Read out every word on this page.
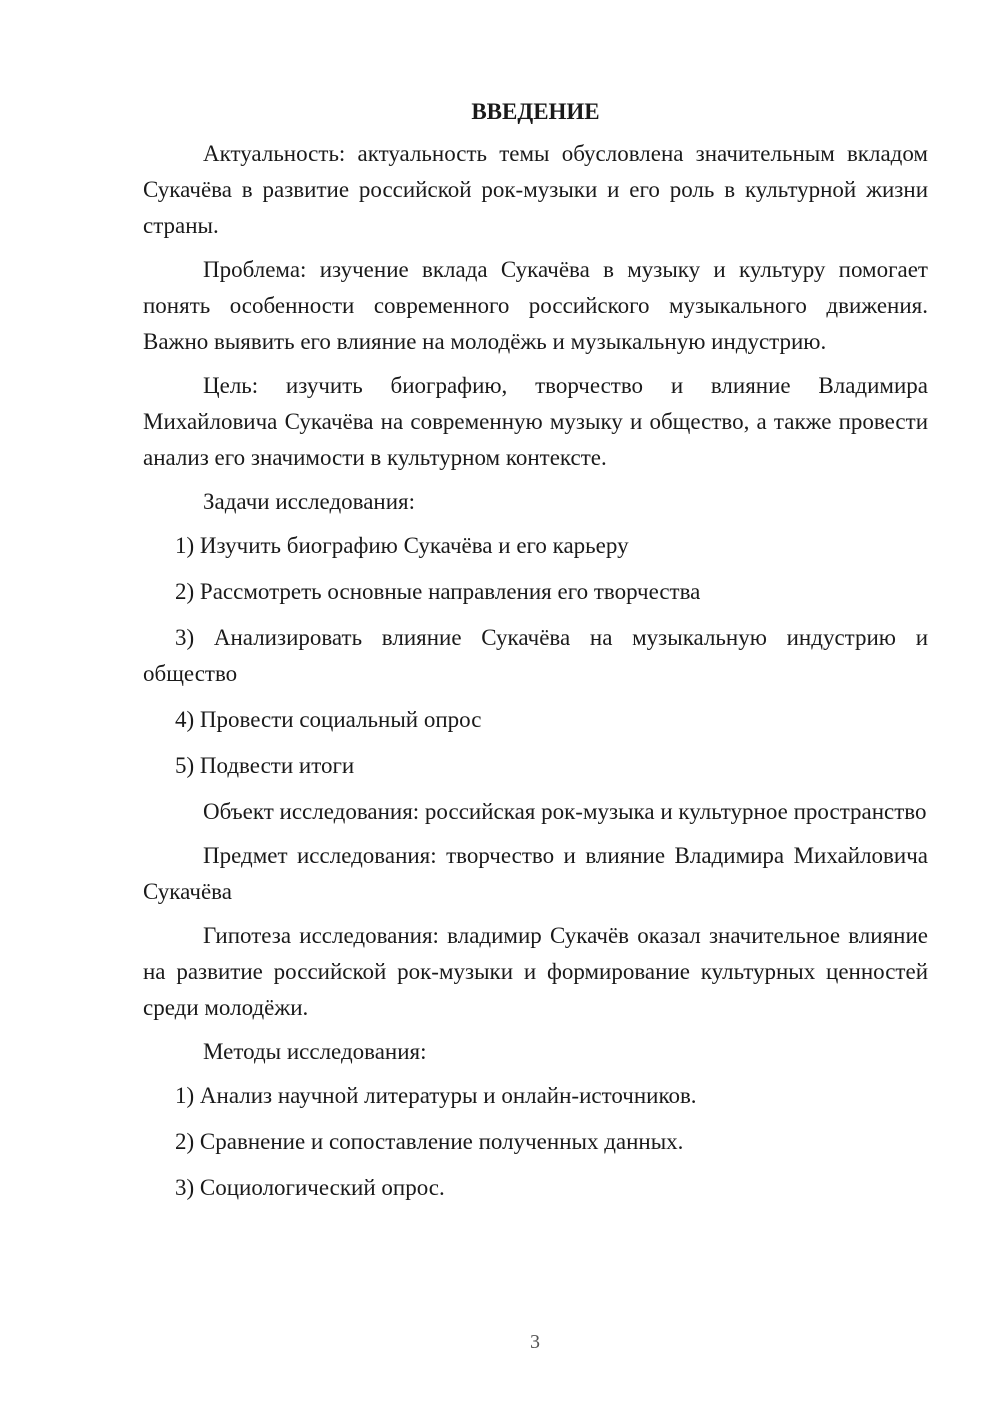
ВВЕДЕНИЕ

Актуальность: актуальность темы обусловлена значительным вкладом Сукачёва в развитие российской рок-музыки и его роль в культурной жизни страны.

Проблема: изучение вклада Сукачёва в музыку и культуру помогает понять особенности современного российского музыкального движения. Важно выявить его влияние на молодёжь и музыкальную индустрию.

Цель: изучить биографию, творчество и влияние Владимира Михайловича Сукачёва на современную музыку и общество, а также провести анализ его значимости в культурном контексте.

Задачи исследования:

1) Изучить биографию Сукачёва и его карьеру

2) Рассмотреть основные направления его творчества

3) Анализировать влияние Сукачёва на музыкальную индустрию и общество

4) Провести социальный опрос

5) Подвести итоги

Объект исследования: российская рок-музыка и культурное пространство

Предмет исследования: творчество и влияние Владимира Михайловича Сукачёва

Гипотеза исследования: владимир Сукачёв оказал значительное влияние на развитие российской рок-музыки и формирование культурных ценностей среди молодёжи.

Методы исследования:

1) Анализ научной литературы и онлайн-источников.

2) Сравнение и сопоставление полученных данных.

3) Социологический опрос.

3
